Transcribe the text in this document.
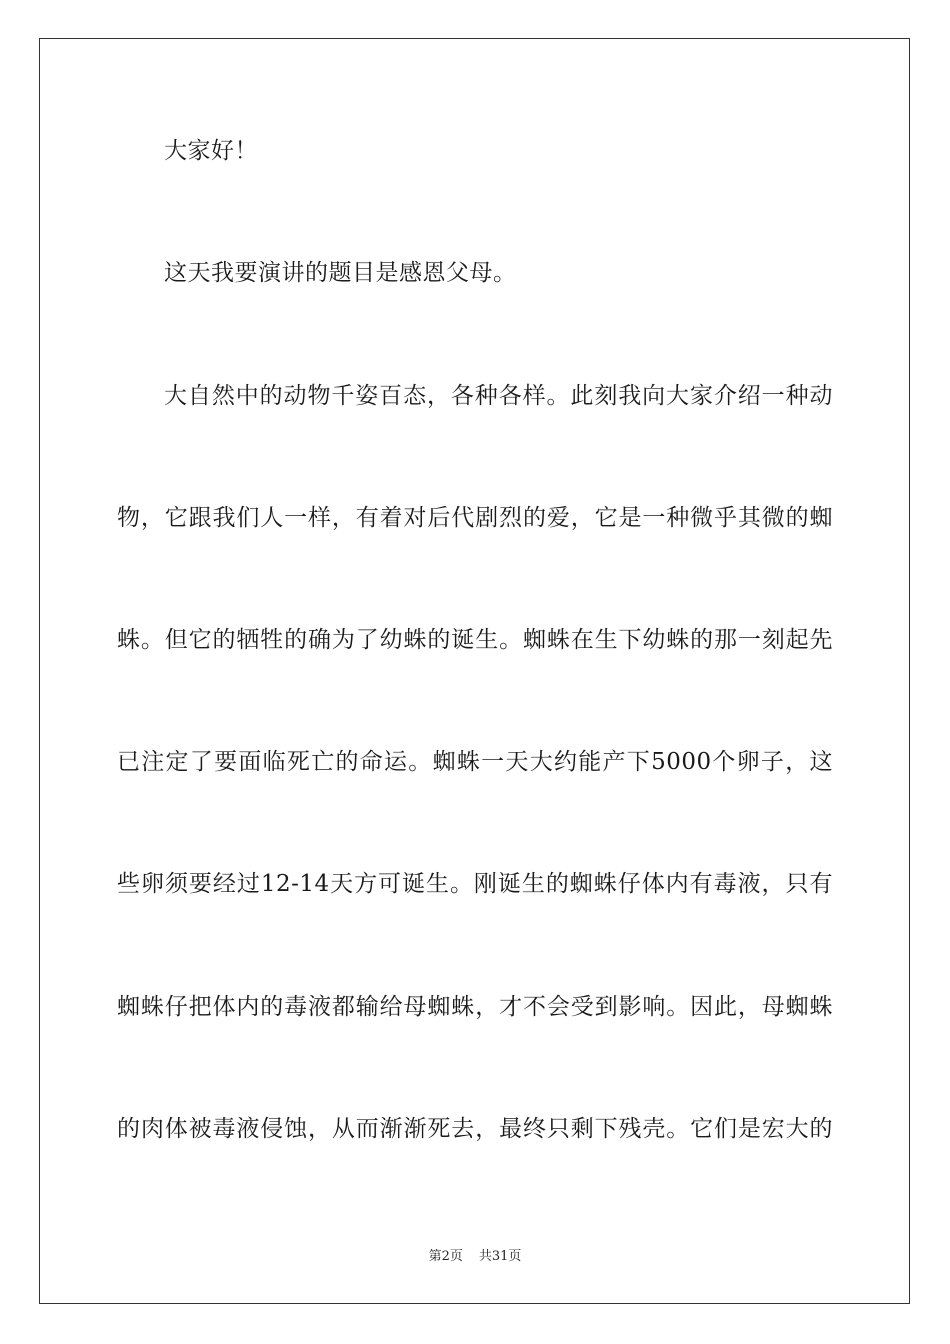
大家好！
这天我要演讲的题目是感恩父母。
大自然中的动物千姿百态，各种各样。此刻我向大家介绍一种动
物，它跟我们人一样，有着对后代剧烈的爱，它是一种微乎其微的蜘
蛛。但它的牺牲的确为了幼蛛的诞生。蜘蛛在生下幼蛛的那一刻起先
已注定了要面临死亡的命运。蜘蛛一天大约能产下5000个卵子，这
些卵须要经过12-14天方可诞生。刚诞生的蜘蛛仔体内有毒液，只有
蜘蛛仔把体内的毒液都输给母蜘蛛，才不会受到影响。因此，母蜘蛛
的肉体被毒液侵蚀，从而渐渐死去，最终只剩下残壳。它们是宏大的
第2页 共31页
